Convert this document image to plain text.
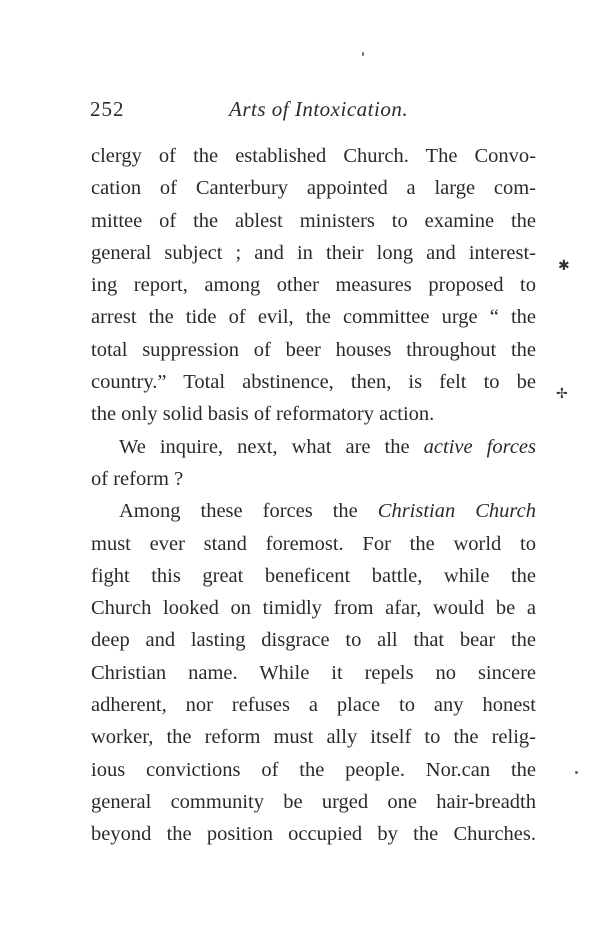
252	Arts of Intoxication.
clergy of the established Church. The Convo-
cation of Canterbury appointed a large com-
mittee of the ablest ministers to examine the
general subject ; and in their long and interest-
ing report, among other measures proposed to
arrest the tide of evil, the committee urge “ the
total suppression of beer houses throughout the
country.” Total abstinence, then, is felt to be
the only solid basis of reformatory action.
We inquire, next, what are the active forces
of reform ?
Among these forces the Christian Church
must ever stand foremost. For the world to
fight this great beneficent battle, while the
Church looked on timidly from afar, would be a
deep and lasting disgrace to all that bear the
Christian name. While it repels no sincere
adherent, nor refuses a place to any honest
worker, the reform must ally itself to the relig-
ious convictions of the people. Nor.can the
general community be urged one hair-breadth
beyond the position occupied by the Churches.
✱
✢
